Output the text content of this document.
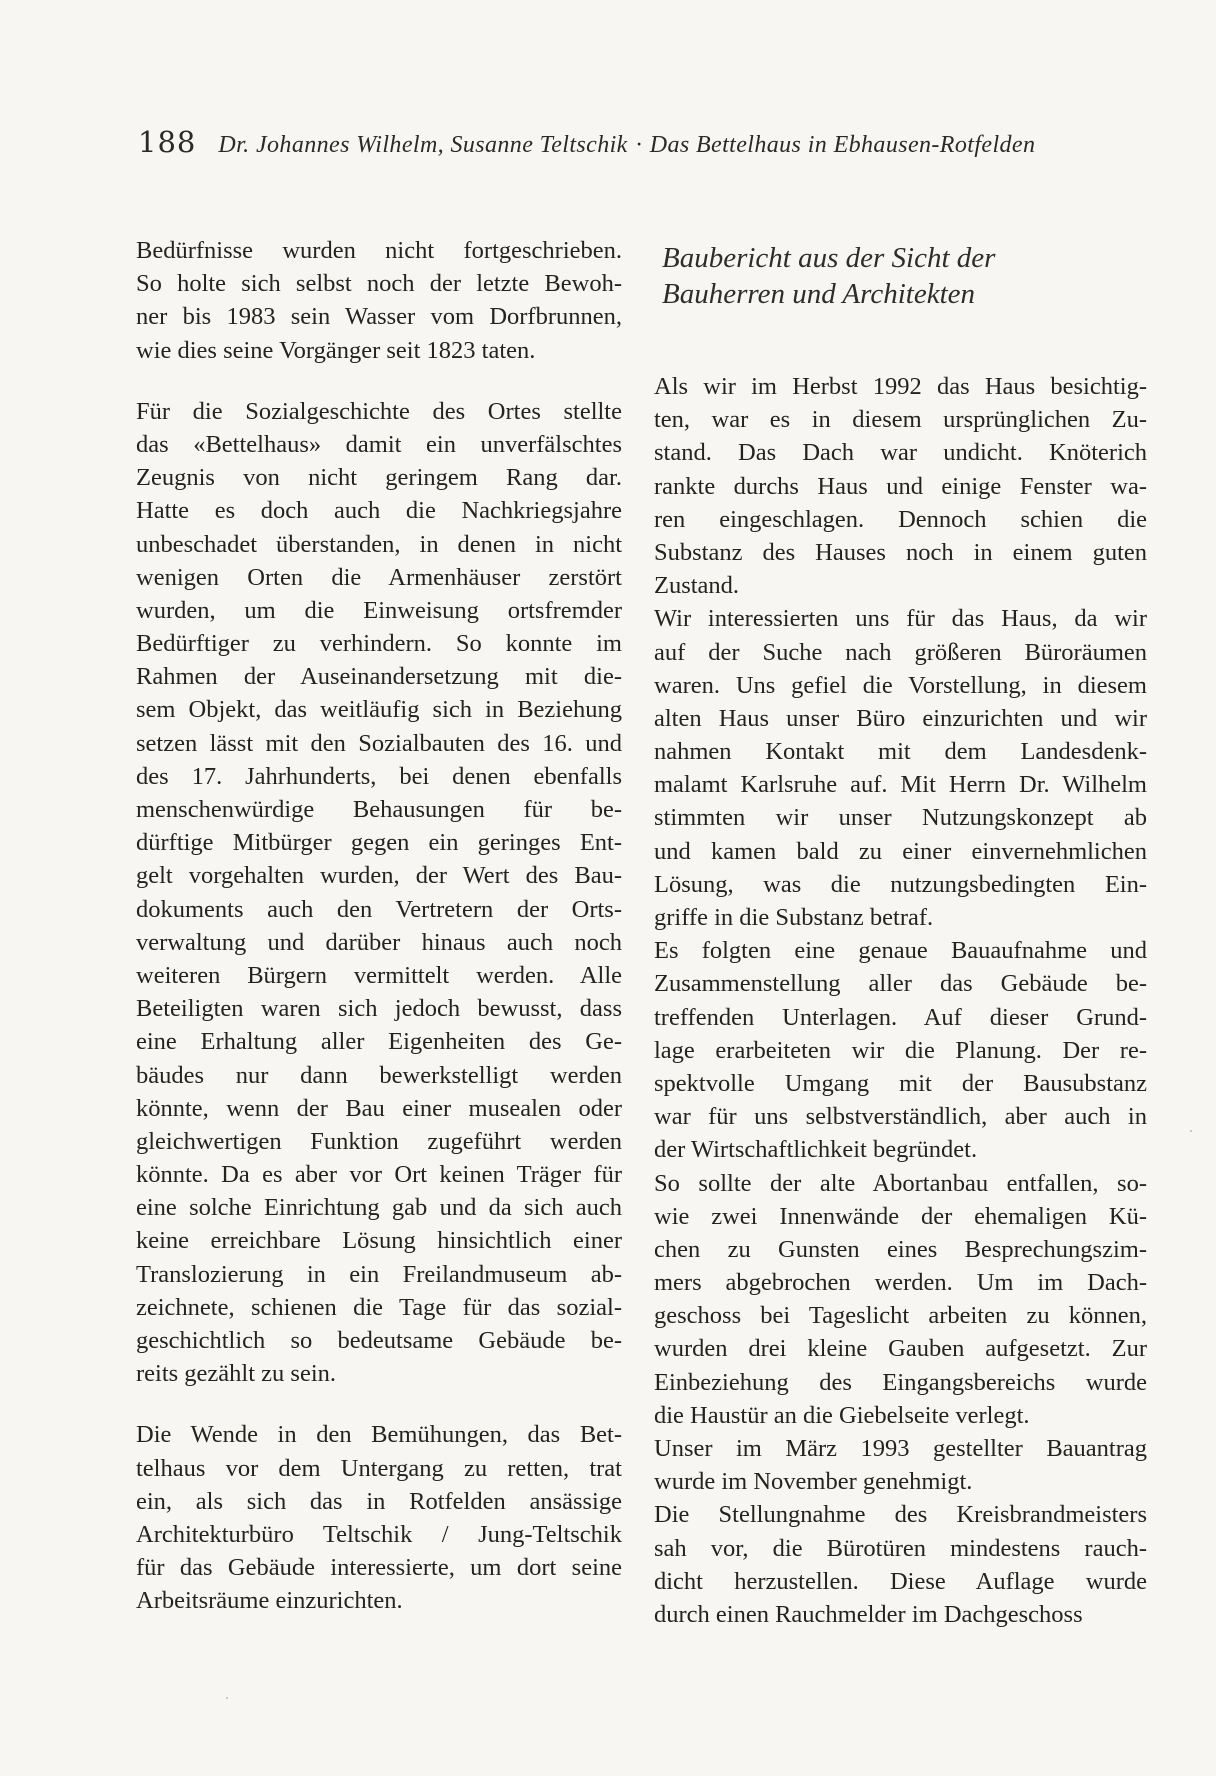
188 Dr. Johannes Wilhelm, Susanne Teltschik · Das Bettelhaus in Ebhausen-Rotfelden
Bedürfnisse wurden nicht fortgeschrieben.
So holte sich selbst noch der letzte Bewoh-
ner bis 1983 sein Wasser vom Dorfbrunnen,
wie dies seine Vorgänger seit 1823 taten.
Für die Sozialgeschichte des Ortes stellte
das «Bettelhaus» damit ein unverfälschtes
Zeugnis von nicht geringem Rang dar.
Hatte es doch auch die Nachkriegsjahre
unbeschadet überstanden, in denen in nicht
wenigen Orten die Armenhäuser zerstört
wurden, um die Einweisung ortsfremder
Bedürftiger zu verhindern. So konnte im
Rahmen der Auseinandersetzung mit die-
sem Objekt, das weitläufig sich in Beziehung
setzen lässt mit den Sozialbauten des 16. und
des 17. Jahrhunderts, bei denen ebenfalls
menschenwürdige Behausungen für be-
dürftige Mitbürger gegen ein geringes Ent-
gelt vorgehalten wurden, der Wert des Bau-
dokuments auch den Vertretern der Orts-
verwaltung und darüber hinaus auch noch
weiteren Bürgern vermittelt werden. Alle
Beteiligten waren sich jedoch bewusst, dass
eine Erhaltung aller Eigenheiten des Ge-
bäudes nur dann bewerkstelligt werden
könnte, wenn der Bau einer musealen oder
gleichwertigen Funktion zugeführt werden
könnte. Da es aber vor Ort keinen Träger für
eine solche Einrichtung gab und da sich auch
keine erreichbare Lösung hinsichtlich einer
Translozierung in ein Freilandmuseum ab-
zeichnete, schienen die Tage für das sozial-
geschichtlich so bedeutsame Gebäude be-
reits gezählt zu sein.
Die Wende in den Bemühungen, das Bet-
telhaus vor dem Untergang zu retten, trat
ein, als sich das in Rotfelden ansässige
Architekturbüro Teltschik / Jung-Teltschik
für das Gebäude interessierte, um dort seine
Arbeitsräume einzurichten.
Baubericht aus der Sicht der
Bauherren und Architekten
Als wir im Herbst 1992 das Haus besichtig-
ten, war es in diesem ursprünglichen Zu-
stand. Das Dach war undicht. Knöterich
rankte durchs Haus und einige Fenster wa-
ren eingeschlagen. Dennoch schien die
Substanz des Hauses noch in einem guten
Zustand.
Wir interessierten uns für das Haus, da wir
auf der Suche nach größeren Büroräumen
waren. Uns gefiel die Vorstellung, in diesem
alten Haus unser Büro einzurichten und wir
nahmen Kontakt mit dem Landesdenk-
malamt Karlsruhe auf. Mit Herrn Dr. Wilhelm
stimmten wir unser Nutzungskonzept ab
und kamen bald zu einer einvernehmlichen
Lösung, was die nutzungsbedingten Ein-
griffe in die Substanz betraf.
Es folgten eine genaue Bauaufnahme und
Zusammenstellung aller das Gebäude be-
treffenden Unterlagen. Auf dieser Grund-
lage erarbeiteten wir die Planung. Der re-
spektvolle Umgang mit der Bausubstanz
war für uns selbstverständlich, aber auch in
der Wirtschaftlichkeit begründet.
So sollte der alte Abortanbau entfallen, so-
wie zwei Innenwände der ehemaligen Kü-
chen zu Gunsten eines Besprechungszim-
mers abgebrochen werden. Um im Dach-
geschoss bei Tageslicht arbeiten zu können,
wurden drei kleine Gauben aufgesetzt. Zur
Einbeziehung des Eingangsbereichs wurde
die Haustür an die Giebelseite verlegt.
Unser im März 1993 gestellter Bauantrag
wurde im November genehmigt.
Die Stellungnahme des Kreisbrandmeisters
sah vor, die Bürotüren mindestens rauch-
dicht herzustellen. Diese Auflage wurde
durch einen Rauchmelder im Dachgeschoss
